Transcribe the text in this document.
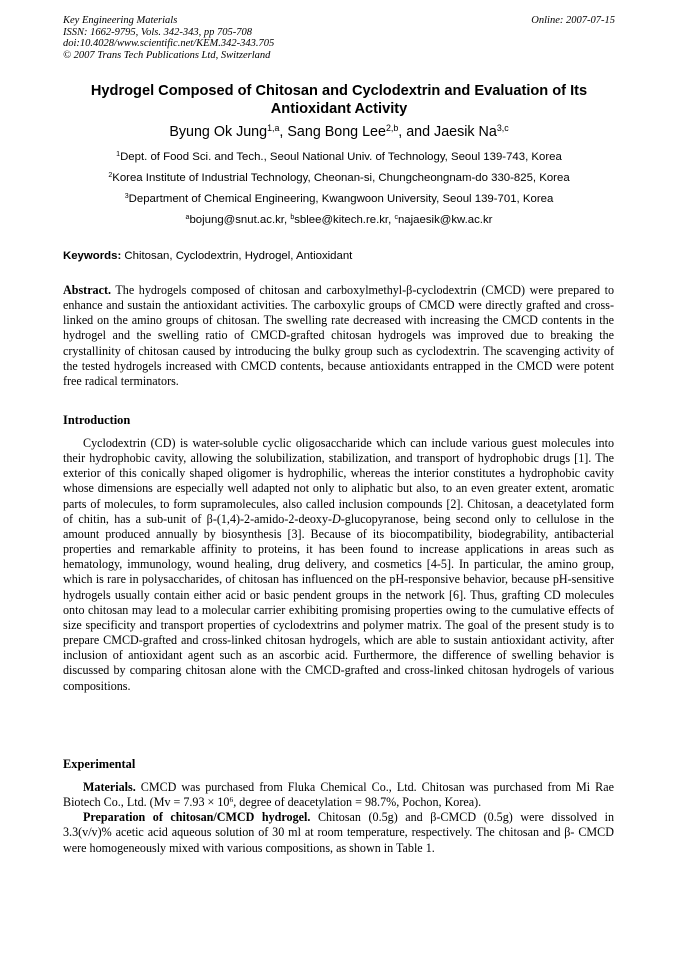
Key Engineering Materials
ISSN: 1662-9795, Vols. 342-343, pp 705-708
doi:10.4028/www.scientific.net/KEM.342-343.705
© 2007 Trans Tech Publications Ltd, Switzerland
Online: 2007-07-15
Hydrogel Composed of Chitosan and Cyclodextrin and Evaluation of Its
Antioxidant Activity
Byung Ok Jung$^{1,a}$, Sang Bong Lee$^{2,b}$, and Jaesik Na$^{3,c}$
$^1$Dept. of Food Sci. and Tech., Seoul National Univ. of Technology, Seoul 139-743, Korea
$^2$Korea Institute of Industrial Technology, Cheonan-si, Chungcheongnam-do 330-825, Korea
$^3$Department of Chemical Engineering, Kwangwoon University, Seoul 139-701, Korea
$^a$bojung@snut.ac.kr, $^b$sblee@kitech.re.kr, $^c$najaesik@kw.ac.kr
Keywords: Chitosan, Cyclodextrin, Hydrogel, Antioxidant

Abstract. The hydrogels composed of chitosan and carboxylmethyl-β-cyclodextrin (CMCD) were prepared to enhance and sustain the antioxidant activities. The carboxylic groups of CMCD were directly grafted and cross-linked on the amino groups of chitosan. The swelling rate decreased with increasing the CMCD contents in the hydrogel and the swelling ratio of CMCD-grafted chitosan hydrogels was improved due to breaking the crystallinity of chitosan caused by introducing the bulky group such as cyclodextrin. The scavenging activity of the tested hydrogels increased with CMCD contents, because antioxidants entrapped in the CMCD were potent free radical terminators.

Introduction

Cyclodextrin (CD) is water-soluble cyclic oligosaccharide which can include various guest molecules into their hydrophobic cavity, allowing the solubilization, stabilization, and transport of hydrophobic drugs [1]. The exterior of this conically shaped oligomer is hydrophilic, whereas the interior constitutes a hydrophobic cavity whose dimensions are especially well adapted not only to aliphatic but also, to an even greater extent, aromatic parts of molecules, to form supramolecules, also called inclusion compounds [2]. Chitosan, a deacetylated form of chitin, has a sub-unit of β-(1,4)-2-amido-2-deoxy-D-glucopyranose, being second only to cellulose in the amount produced annually by biosynthesis [3]. Because of its biocompatibility, biodegrability, antibacterial properties and remarkable affinity to proteins, it has been found to increase applications in areas such as hematology, immunology, wound healing, drug delivery, and cosmetics [4-5]. In particular, the amino group, which is rare in polysaccharides, of chitosan has influenced on the pH-responsive behavior, because pH-sensitive hydrogels usually contain either acid or basic pendent groups in the network [6]. Thus, grafting CD molecules onto chitosan may lead to a molecular carrier exhibiting promising properties owing to the cumulative effects of size specificity and transport properties of cyclodextrins and polymer matrix. The goal of the present study is to prepare CMCD-grafted and cross-linked chitosan hydrogels, which are able to sustain antioxidant activity, after inclusion of antioxidant agent such as an ascorbic acid. Furthermore, the difference of swelling behavior is discussed by comparing chitosan alone with the CMCD-grafted and cross-linked chitosan hydrogels of various compositions.

Experimental

Materials. CMCD was purchased from Fluka Chemical Co., Ltd. Chitosan was purchased from Mi Rae Biotech Co., Ltd. ($Mv = 7.93 \times 10^6$, degree of deacetylation = 98.7%, Pochon, Korea).

Preparation of chitosan/CMCD hydrogel. Chitosan (0.5g) and β-CMCD (0.5g) were dissolved in 3.3(v/v)% acetic acid aqueous solution of 30 ml at room temperature, respectively. The chitosan and β- CMCD were homogeneously mixed with various compositions, as shown in Table 1.
